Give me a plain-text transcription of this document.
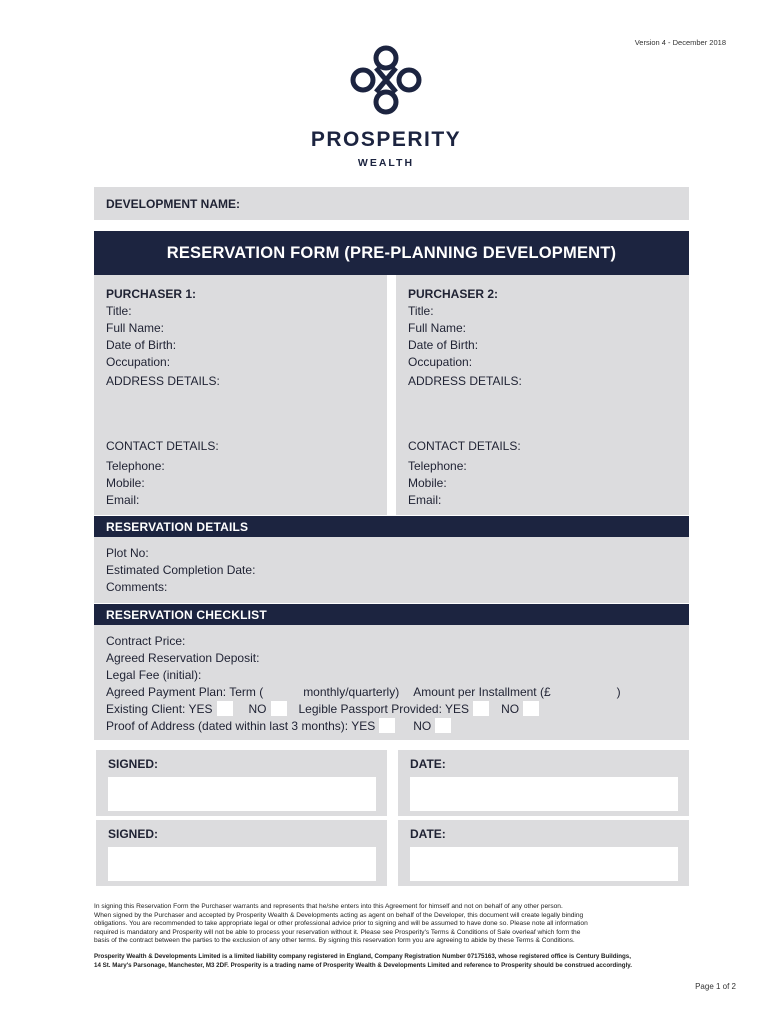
Version 4 - December 2018
PROSPERITY
WEALTH
DEVELOPMENT NAME:
RESERVATION FORM (PRE-PLANNING DEVELOPMENT)
PURCHASER 1:
Title:
Full Name:
Date of Birth:
Occupation:
ADDRESS DETAILS:
CONTACT DETAILS:
Telephone:
Mobile:
Email:
PURCHASER 2:
Title:
Full Name:
Date of Birth:
Occupation:
ADDRESS DETAILS:
CONTACT DETAILS:
Telephone:
Mobile:
Email:
RESERVATION DETAILS
Plot No:
Estimated Completion Date:
Comments:
RESERVATION CHECKLIST
Contract Price:
Agreed Reservation Deposit:
Legal Fee (initial):
Agreed Payment Plan: Term (	monthly/quarterly) Amount per Installment (£	)
Existing Client: YES	NO	Legible Passport Provided: YES	NO
Proof of Address (dated within last 3 months): YES	NO
SIGNED:	DATE:
SIGNED:	DATE:
In signing this Reservation Form the Purchaser warrants and represents that he/she enters into this Agreement for himself and not on behalf of any other person.
When signed by the Purchaser and accepted by Prosperity Wealth & Developments acting as agent on behalf of the Developer, this document will create legally binding
obligations. You are recommended to take appropriate legal or other professional advice prior to signing and will be assumed to have done so. Please note all information
required is mandatory and Prosperity will not be able to process your reservation without it. Please see Prosperity's Terms & Conditions of Sale overleaf which form the
basis of the contract between the parties to the exclusion of any other terms. By signing this reservation form you are agreeing to abide by these Terms & Conditions.
Prosperity Wealth & Developments Limited is a limited liability company registered in England, Company Registration Number 07175163, whose registered office is Century Buildings,
14 St. Mary's Parsonage, Manchester, M3 2DF. Prosperity is a trading name of Prosperity Wealth & Developments Limited and reference to Prosperity should be construed accordingly.
Page 1 of 2
